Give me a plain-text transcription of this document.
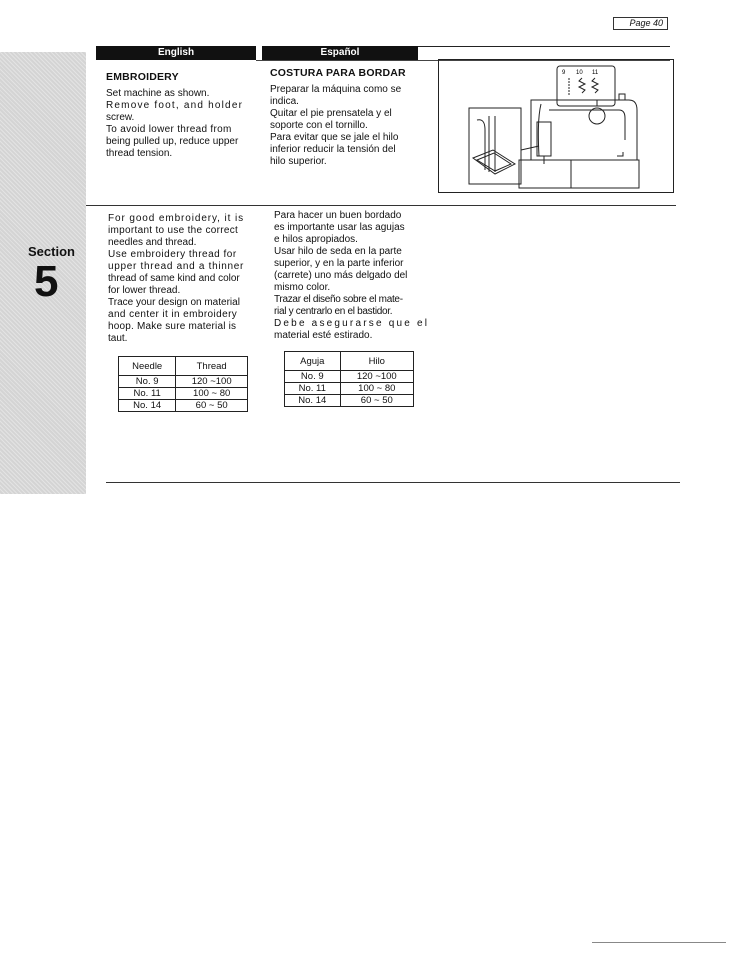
Page 40
Section
5
English	Español
EMBROIDERY

Set machine as shown.

Remove foot, and holder

screw.

To avoid lower thread from

being pulled up, reduce upper

thread tension.

COSTURA PARA BORDAR

Preparar la máquina como se

indica.

Quitar el pie prensatela y el

soporte con el tornillo.

Para evitar que se jale el hilo

inferior reducir la tensión del

hilo superior.

9 10 11

For good embroidery, it is

important to use the correct

needles and thread.

Use embroidery thread for

upper thread and a thinner

thread of same kind and color

for lower thread.

Trace your design on material

and center it in embroidery

hoop. Make sure material is

taut.

Para hacer un buen bordado

es importante usar las agujas

e hilos apropiados.

Usar hilo de seda en la parte

superior, y en la parte inferior

(carrete) uno más delgado del

mismo color.

Trazar el diseño sobre el mate-

rial y centrarlo en el bastidor.

Debe asegurarse que el

material esté estirado.

Needle	Thread
No. 9	120 ~100
No. 11	100 ~ 80
No. 14	60 ~ 50
Aguja	Hilo
No. 9	120 ~100
No. 11	100 ~ 80
No. 14	60 ~ 50
